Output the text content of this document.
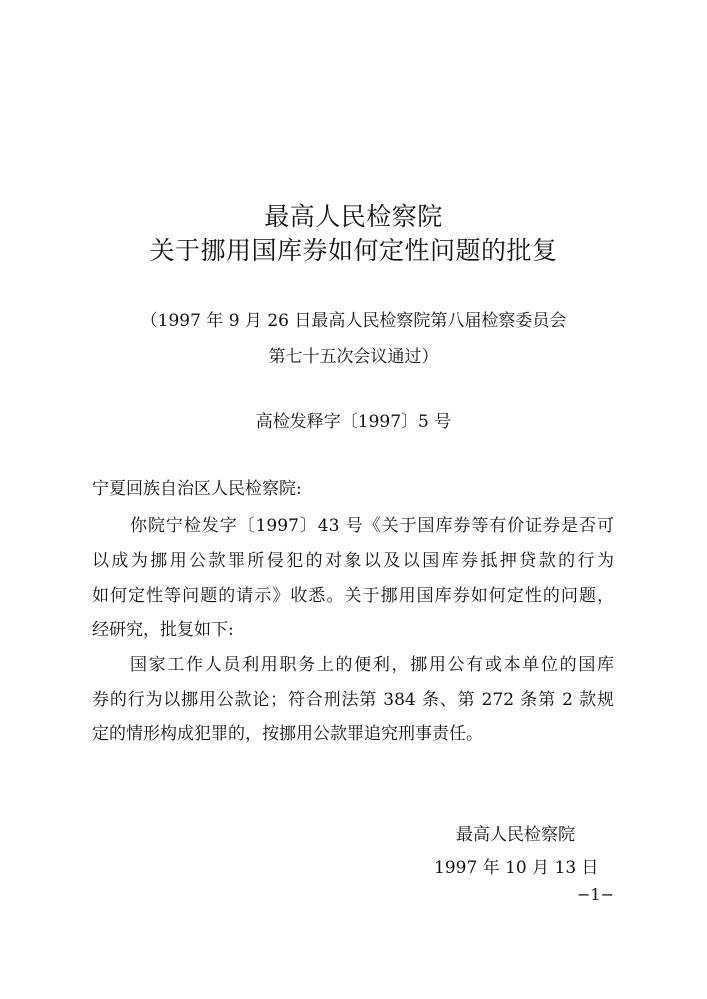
最高人民检察院
关于挪用国库券如何定性问题的批复
（1997 年 9 月 26 日最高人民检察院第八届检察委员会
第七十五次会议通过）
高检发释字〔1997〕5 号
宁夏回族自治区人民检察院:
你院宁检发字〔1997〕43 号《关于国库券等有价证券是否可
以成为挪用公款罪所侵犯的对象以及以国库券抵押贷款的行为
如何定性等问题的请示》收悉。关于挪用国库券如何定性的问题，
经研究，批复如下:
国家工作人员利用职务上的便利，挪用公有或本单位的国库
券的行为以挪用公款论；符合刑法第 384 条、第 272 条第 2 款规
定的情形构成犯罪的，按挪用公款罪追究刑事责任。
最高人民检察院
1997 年 10 月 13 日
−1−
